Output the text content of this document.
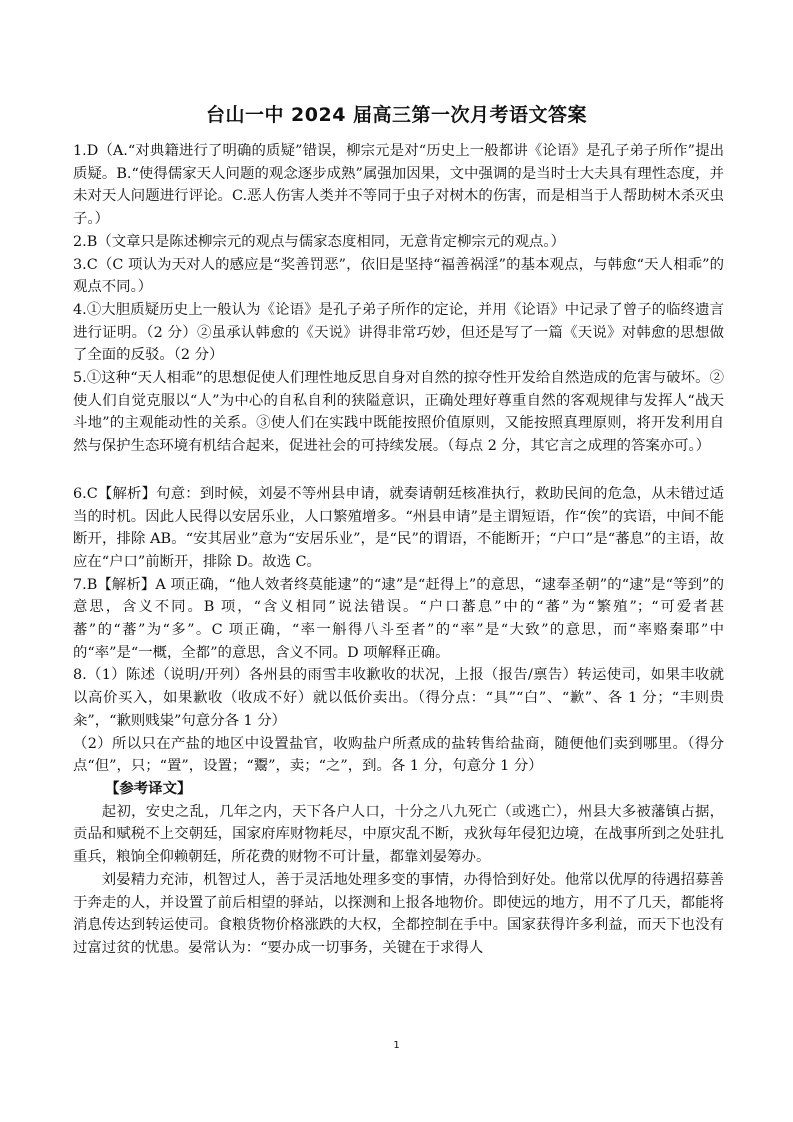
台山一中 2024 届高三第一次月考语文答案

1.D（A.“对典籍进行了明确的质疑”错误，柳宗元是对“历史上一般都讲《论语》是孔子弟子所作”提出质疑。B.“使得儒家天人问题的观念逐步成熟”属强加因果，文中强调的是当时士大夫具有理性态度，并未对天人问题进行评论。C.恶人伤害人类并不等同于虫子对树木的伤害，而是相当于人帮助树木杀灭虫子。）

2.B（文章只是陈述柳宗元的观点与儒家态度相同，无意肯定柳宗元的观点。）

3.C（C 项认为天对人的感应是“奖善罚恶”，依旧是坚持“福善祸淫”的基本观点，与韩愈“天人相乖”的观点不同。）

4.①大胆质疑历史上一般认为《论语》是孔子弟子所作的定论，并用《论语》中记录了曾子的临终遗言进行证明。（2 分）②虽承认韩愈的《天说》讲得非常巧妙，但还是写了一篇《天说》对韩愈的思想做了全面的反驳。（2 分）

5.①这种“天人相乖”的思想促使人们理性地反思自身对自然的掠夺性开发给自然造成的危害与破坏。②使人们自觉克服以“人”为中心的自私自利的狭隘意识，正确处理好尊重自然的客观规律与发挥人“战天斗地”的主观能动性的关系。③使人们在实践中既能按照价值原则，又能按照真理原则，将开发利用自然与保护生态环境有机结合起来，促进社会的可持续发展。（每点 2 分，其它言之成理的答案亦可。）

6.C【解析】句意：到时候，刘晏不等州县申请，就奏请朝廷核准执行，救助民间的危急，从未错过适当的时机。因此人民得以安居乐业，人口繁殖增多。“州县申请”是主谓短语，作“俟”的宾语，中间不能断开，排除 AB。“安其居业”意为“安居乐业”，是“民”的谓语，不能断开；“户口”是“蕃息”的主语，故应在“户口”前断开，排除 D。故选 C。

7.B【解析】A 项正确，“他人效者终莫能逮”的“逮”是“赶得上”的意思，“逮奉圣朝”的“逮”是“等到”的意思，含义不同。B 项，“含义相同”说法错误。“户口蕃息”中的“蕃”为“繁殖”；“可爱者甚蕃”的“蕃”为“多”。C 项正确，“率一斛得八斗至者”的“率”是“大致”的意思，而“率赂秦耶”中的“率”是“一概，全都”的意思，含义不同。D 项解释正确。

8.（1）陈述（说明/开列）各州县的雨雪丰收歉收的状况，上报（报告/禀告）转运使司，如果丰收就以高价买入，如果歉收（收成不好）就以低价卖出。（得分点：“具”“白”、“歉”、各 1 分；“丰则贵籴”，“歉则贱粜”句意分各 1 分）

（2）所以只在产盐的地区中设置盐官，收购盐户所煮成的盐转售给盐商，随便他们卖到哪里。（得分点“但”，只；“置”，设置；“鬻”，卖；“之”，到。各 1 分，句意分 1 分）

【参考译文】

起初，安史之乱，几年之内，天下各户人口，十分之八九死亡（或逃亡），州县大多被藩镇占据，贡品和赋税不上交朝廷，国家府库财物耗尽，中原灾乱不断，戎狄每年侵犯边境，在战事所到之处驻扎重兵，粮饷全仰赖朝廷，所花费的财物不可计量，都靠刘晏筹办。

刘晏精力充沛，机智过人，善于灵活地处理多变的事情，办得恰到好处。他常以优厚的待遇招募善于奔走的人，并设置了前后相望的驿站，以探测和上报各地物价。即使远的地方，用不了几天，都能将消息传达到转运使司。食粮货物价格涨跌的大权，全都控制在手中。国家获得许多利益，而天下也没有过富过贫的忧患。晏常认为：“要办成一切事务，关键在于求得人

1
